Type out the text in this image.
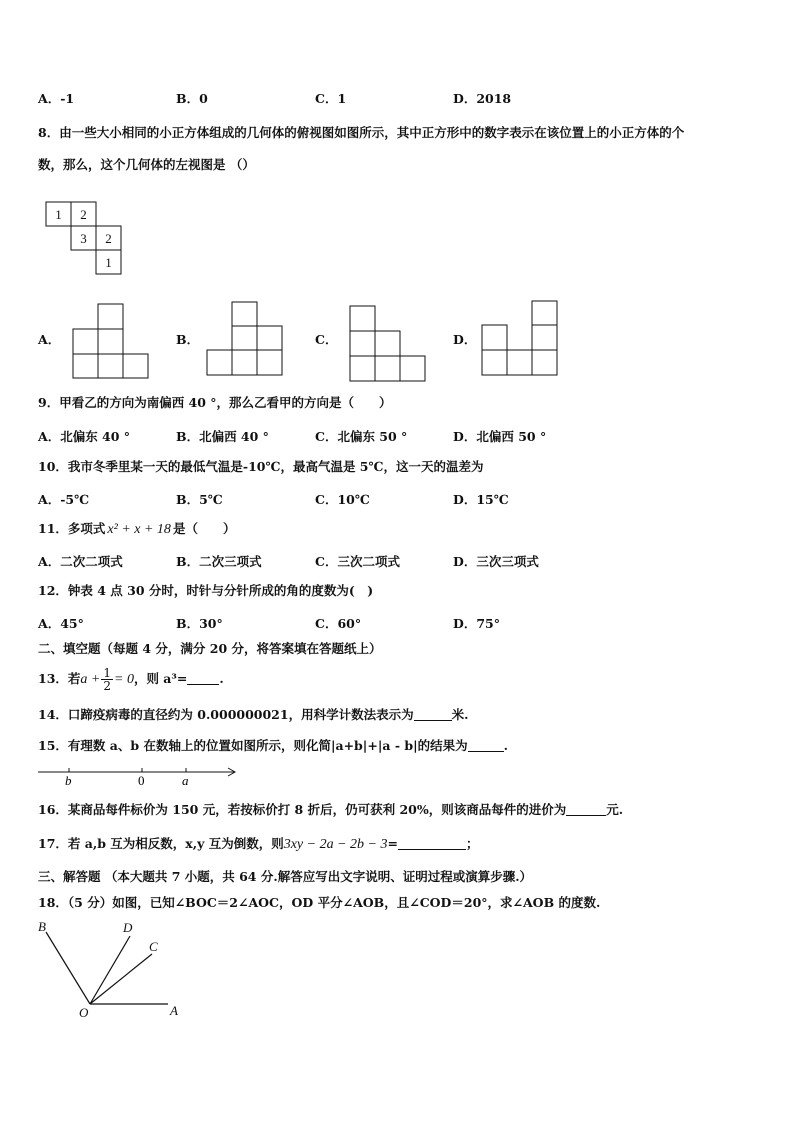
A．-1	B．0	C．1	D．2018
8．由一些大小相同的小正方体组成的几何体的俯视图如图所示，其中正方形中的数字表示在该位置上的小正方体的个
数，那么，这个几何体的左视图是 （）
1 2
3 2
1
A．	B．	C．	D．
9．甲看乙的方向为南偏西 40 °，那么乙看甲的方向是（　　）
A．北偏东 40 °	B．北偏西 40 °	C．北偏东 50 °	D．北偏西 50 °
10．我市冬季里某一天的最低气温是-10℃，最高气温是 5℃，这一天的温差为
A．-5℃	B．5℃	C．10℃	D．15℃
11．多项式 x² + x + 18 是（　　）
A．二次二项式	B．二次三项式	C．三次二项式	D．三次三项式
12．钟表 4 点 30 分时，时针与分针所成的角的度数为(　)
A．45°	B．30°	C．60°	D．75°
二、填空题（每题 4 分，满分 20 分，将答案填在答题纸上）
13．若$a + \frac{1}{2} = 0$，则 a³=	.
14．口蹄疫病毒的直径约为 0.000000021，用科学计数法表示为	米.
15．有理数 a、b 在数轴上的位置如图所示，则化简|a+b|+|a - b|的结果为	.
b	0	a
16．某商品每件标价为 150 元，若按标价打 8 折后，仍可获利 20%，则该商品每件的进价为	元.
17．若 a,b 互为相反数，x,y 互为倒数，则3xy − 2a − 2b − 3=	；
三、解答题 （本大题共 7 小题，共 64 分.解答应写出文字说明、证明过程或演算步骤.）
18．（5 分）如图，已知∠BOC＝2∠AOC，OD 平分∠AOB，且∠COD＝20°，求∠AOB 的度数.
B	D
C
O	A
